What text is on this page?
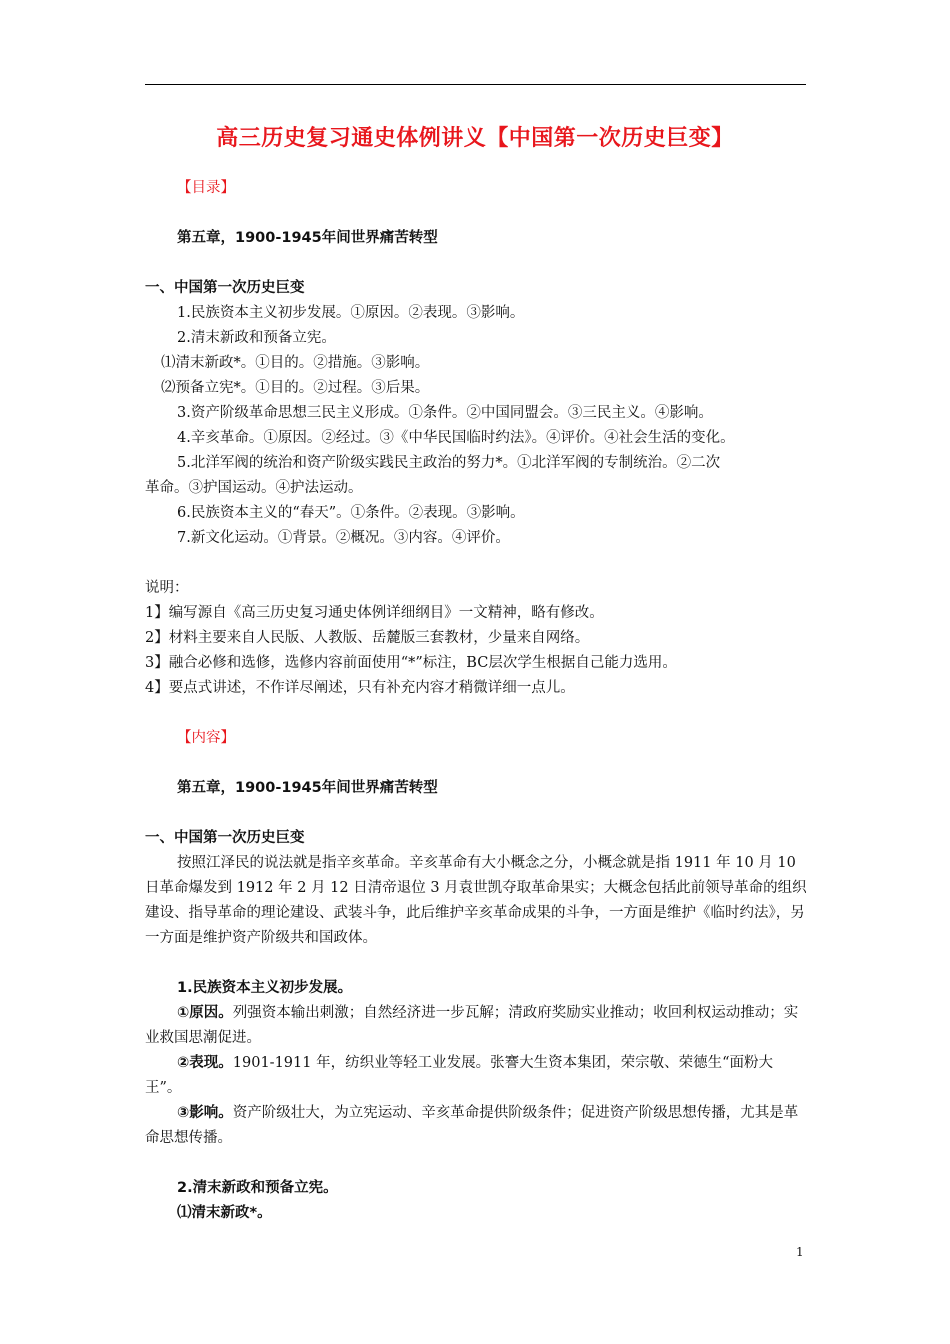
高三历史复习通史体例讲义【中国第一次历史巨变】
【目录】
第五章，1900-1945年间世界痛苦转型
一、中国第一次历史巨变
1.民族资本主义初步发展。①原因。②表现。③影响。
2.清末新政和预备立宪。
⑴清末新政*。①目的。②措施。③影响。
⑵预备立宪*。①目的。②过程。③后果。
3.资产阶级革命思想三民主义形成。①条件。②中国同盟会。③三民主义。④影响。
4.辛亥革命。①原因。②经过。③《中华民国临时约法》。④评价。④社会生活的变化。
5.北洋军阀的统治和资产阶级实践民主政治的努力*。①北洋军阀的专制统治。②二次
革命。③护国运动。④护法运动。
6.民族资本主义的“春天”。①条件。②表现。③影响。
7.新文化运动。①背景。②概况。③内容。④评价。
说明：
1】编写源自《高三历史复习通史体例详细纲目》一文精神，略有修改。
2】材料主要来自人民版、人教版、岳麓版三套教材，少量来自网络。
3】融合必修和选修，选修内容前面使用“*”标注，BC层次学生根据自己能力选用。
4】要点式讲述，不作详尽阐述，只有补充内容才稍微详细一点儿。
【内容】
第五章，1900-1945年间世界痛苦转型
一、中国第一次历史巨变
按照江泽民的说法就是指辛亥革命。辛亥革命有大小概念之分，小概念就是指 1911 年 10 月 10 日革命爆发到 1912 年 2 月 12 日清帝退位 3 月袁世凯夺取革命果实；大概念包括此前领导革命的组织建设、指导革命的理论建设、武装斗争，此后维护辛亥革命成果的斗争，一方面是维护《临时约法》，另一方面是维护资产阶级共和国政体。
1.民族资本主义初步发展。
①原因。列强资本输出刺激；自然经济进一步瓦解；清政府奖励实业推动；收回利权运动推动；实业救国思潮促进。
②表现。1901-1911 年，纺织业等轻工业发展。张謇大生资本集团，荣宗敬、荣德生“面粉大王”。
③影响。资产阶级壮大，为立宪运动、辛亥革命提供阶级条件；促进资产阶级思想传播，尤其是革命思想传播。
2.清末新政和预备立宪。
⑴清末新政*。
1
